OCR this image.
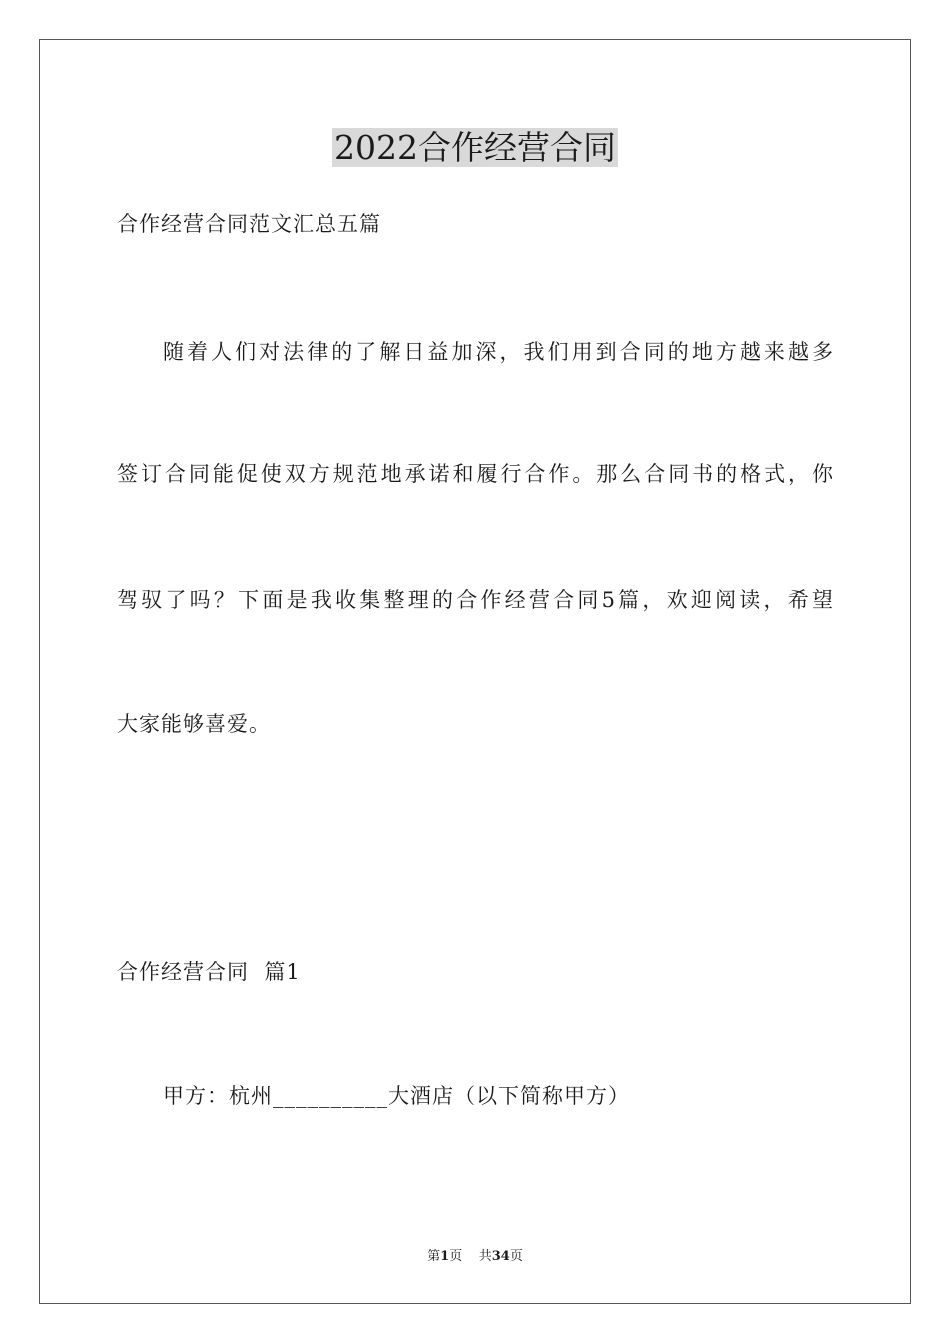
2022合作经营合同
合作经营合同范文汇总五篇
随着人们对法律的了解日益加深，我们用到合同的地方越来越多
签订合同能促使双方规范地承诺和履行合作。那么合同书的格式，你
驾驭了吗？下面是我收集整理的合作经营合同5篇，欢迎阅读，希望
大家能够喜爱。
合作经营合同  篇1
甲方：杭州__________大酒店（以下简称甲方）
第1页 共34页
